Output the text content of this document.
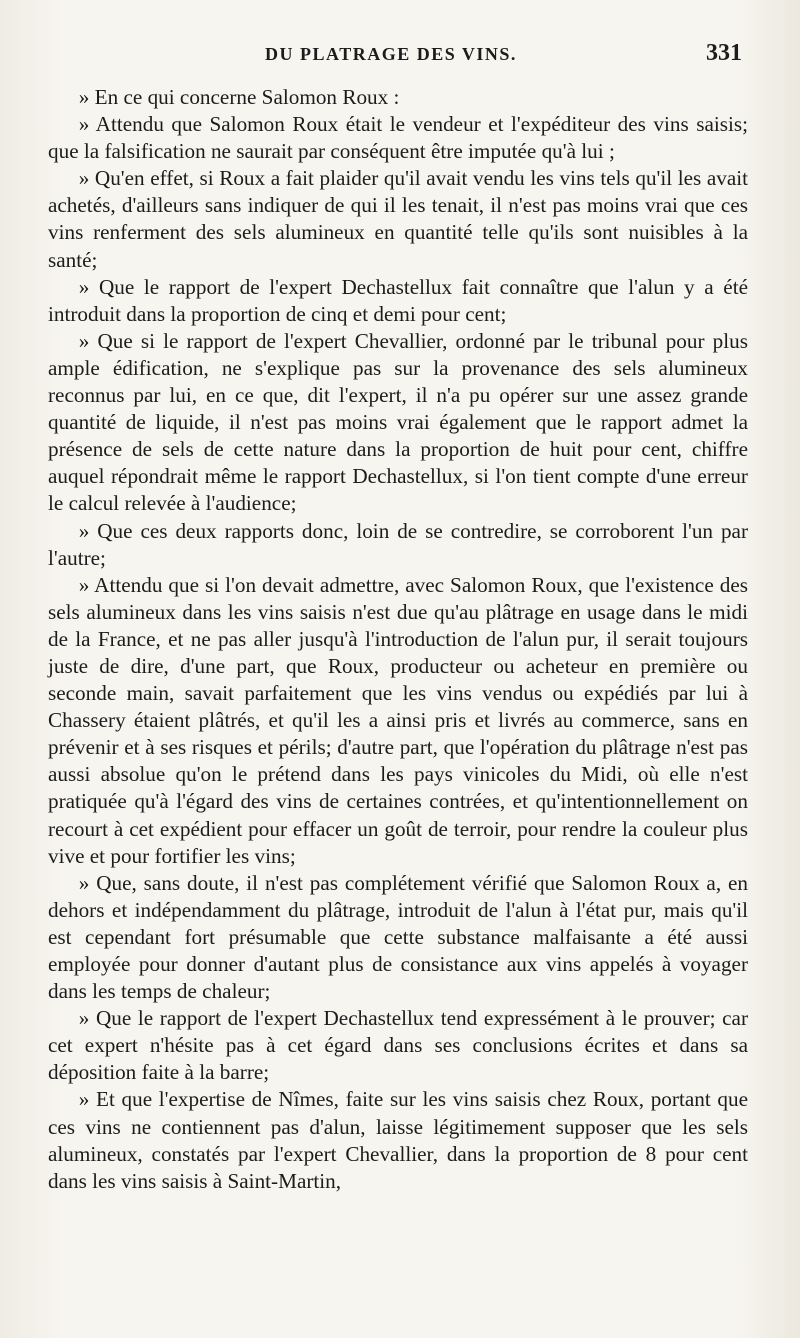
DU PLATRAGE DES VINS.	331

» En ce qui concerne Salomon Roux :

» Attendu que Salomon Roux était le vendeur et l'expéditeur des vins saisis; que la falsification ne saurait par conséquent être imputée qu'à lui ;

» Qu'en effet, si Roux a fait plaider qu'il avait vendu les vins tels qu'il les avait achetés, d'ailleurs sans indiquer de qui il les tenait, il n'est pas moins vrai que ces vins renferment des sels alumineux en quantité telle qu'ils sont nuisibles à la santé;

» Que le rapport de l'expert Dechastellux fait connaître que l'alun y a été introduit dans la proportion de cinq et demi pour cent;

» Que si le rapport de l'expert Chevallier, ordonné par le tribunal pour plus ample édification, ne s'explique pas sur la provenance des sels alumineux reconnus par lui, en ce que, dit l'expert, il n'a pu opérer sur une assez grande quantité de liquide, il n'est pas moins vrai également que le rapport admet la présence de sels de cette nature dans la proportion de huit pour cent, chiffre auquel répondrait même le rapport Dechastellux, si l'on tient compte d'une erreur le calcul relevée à l'audience;

» Que ces deux rapports donc, loin de se contredire, se corroborent l'un par l'autre;

» Attendu que si l'on devait admettre, avec Salomon Roux, que l'existence des sels alumineux dans les vins saisis n'est due qu'au plâtrage en usage dans le midi de la France, et ne pas aller jusqu'à l'introduction de l'alun pur, il serait toujours juste de dire, d'une part, que Roux, producteur ou acheteur en première ou seconde main, savait parfaitement que les vins vendus ou expédiés par lui à Chassery étaient plâtrés, et qu'il les a ainsi pris et livrés au commerce, sans en prévenir et à ses risques et périls; d'autre part, que l'opération du plâtrage n'est pas aussi absolue qu'on le prétend dans les pays vinicoles du Midi, où elle n'est pratiquée qu'à l'égard des vins de certaines contrées, et qu'intentionnellement on recourt à cet expédient pour effacer un goût de terroir, pour rendre la couleur plus vive et pour fortifier les vins;

» Que, sans doute, il n'est pas complétement vérifié que Salomon Roux a, en dehors et indépendamment du plâtrage, introduit de l'alun à l'état pur, mais qu'il est cependant fort présumable que cette substance malfaisante a été aussi employée pour donner d'autant plus de consistance aux vins appelés à voyager dans les temps de chaleur;

» Que le rapport de l'expert Dechastellux tend expressément à le prouver; car cet expert n'hésite pas à cet égard dans ses conclusions écrites et dans sa déposition faite à la barre;

» Et que l'expertise de Nîmes, faite sur les vins saisis chez Roux, portant que ces vins ne contiennent pas d'alun, laisse légitimement supposer que les sels alumineux, constatés par l'expert Chevallier, dans la proportion de 8 pour cent dans les vins saisis à Saint-Martin,
